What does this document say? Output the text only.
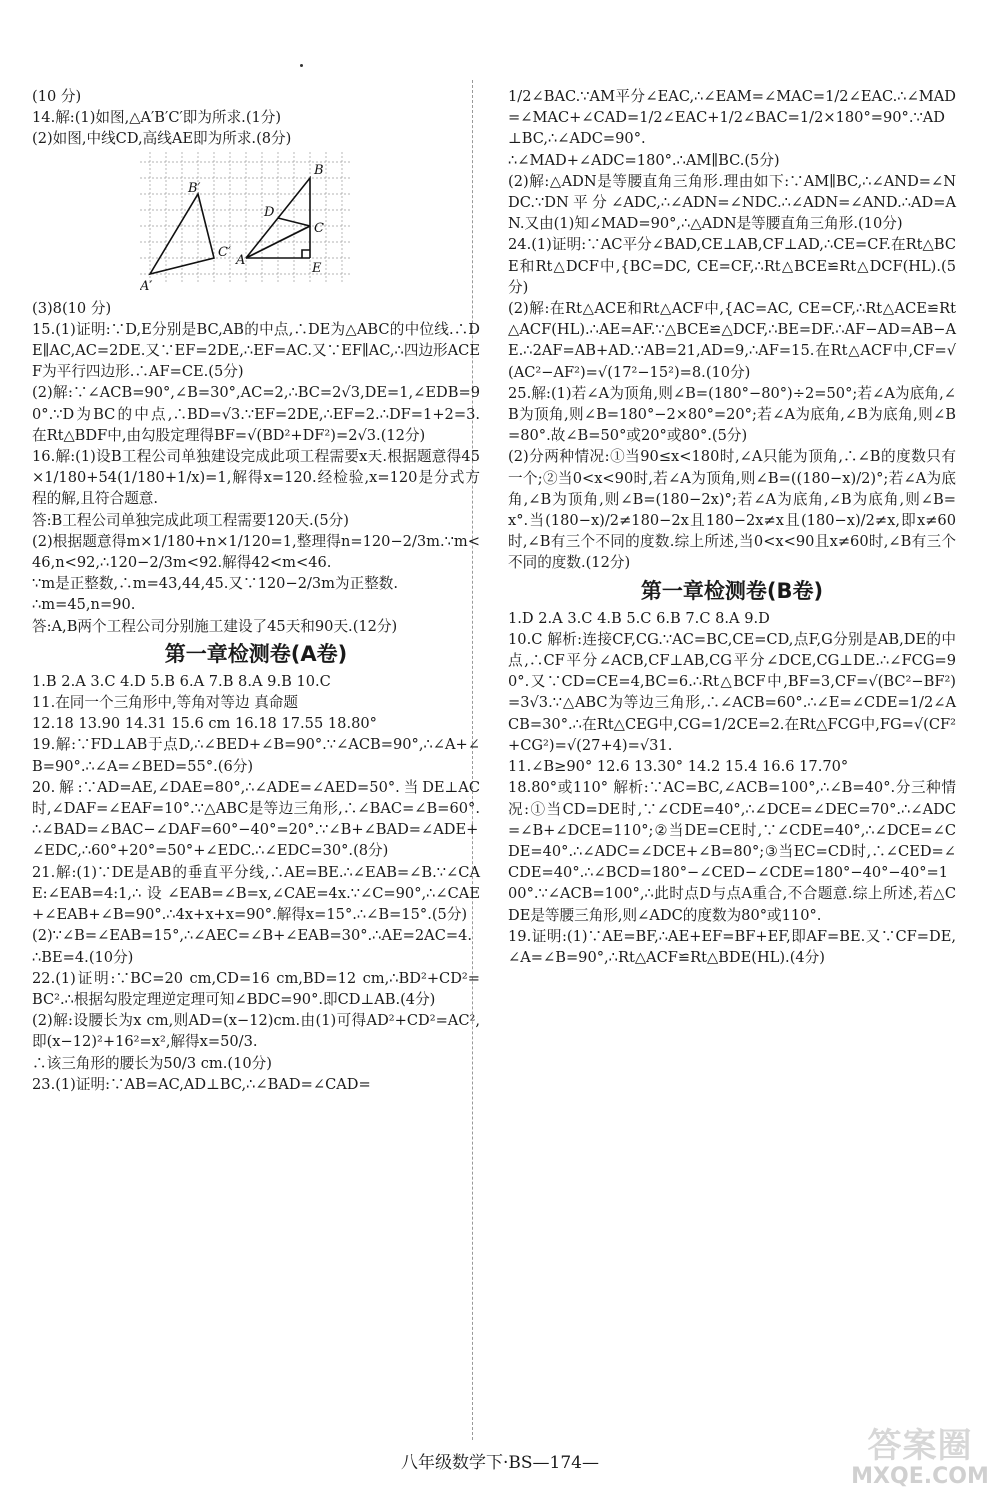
(10 分)

14.解:(1)如图,△A′B′C′即为所求.(1分)

(2)如图,中线CD,高线AE即为所求.(8分)

B′
C′
A′
B
D
C
A
E

(3)8(10 分)

15.(1)证明:∵D,E分别是BC,AB的中点,∴DE为△ABC的中位线.∴DE∥AC,AC=2DE.又∵EF=2DE,∴EF=AC.又∵EF∥AC,∴四边形ACEF为平行四边形.∴AF=CE.(5分)

(2)解:∵∠ACB=90°,∠B=30°,AC=2,∴BC=2√3,DE=1,∠EDB=90°.∵D为BC的中点,∴BD=√3.∵EF=2DE,∴EF=2.∴DF=1+2=3.在Rt△BDF中,由勾股定理得BF=√(BD²+DF²)=2√3.(12分)

16.解:(1)设B工程公司单独建设完成此项工程需要x天.根据题意得45×1/180+54(1/180+1/x)=1,解得x=120.经检验,x=120是分式方程的解,且符合题意.

答:B工程公司单独完成此项工程需要120天.(5分)

(2)根据题意得m×1/180+n×1/120=1,整理得n=120−2/3m.∵m<46,n<92,∴120−2/3m<92.解得42<m<46.

∵m是正整数,∴m=43,44,45.又∵120−2/3m为正整数.

∴m=45,n=90.

答:A,B两个工程公司分别施工建设了45天和90天.(12分)

第一章检测卷(A卷)

1.B 2.A 3.C 4.D 5.B 6.A 7.B 8.A 9.B 10.C

11.在同一个三角形中,等角对等边 真命题

12.18 13.90 14.31 15.6 cm 16.18 17.55 18.80°

19.解:∵FD⊥AB于点D,∴∠BED+∠B=90°.∵∠ACB=90°,∴∠A+∠B=90°.∴∠A=∠BED=55°.(6分)

20.解:∵AD=AE,∠DAE=80°,∴∠ADE=∠AED=50°.当DE⊥AC时,∠DAF=∠EAF=10°.∵△ABC是等边三角形,∴∠BAC=∠B=60°.∴∠BAD=∠BAC−∠DAF=60°−40°=20°.∵∠B+∠BAD=∠ADE+∠EDC,∴60°+20°=50°+∠EDC.∴∠EDC=30°.(8分)

21.解:(1)∵DE是AB的垂直平分线,∴AE=BE.∴∠EAB=∠B.∵∠CAE:∠EAB=4:1,∴设∠EAB=∠B=x,∠CAE=4x.∵∠C=90°,∴∠CAE+∠EAB+∠B=90°.∴4x+x+x=90°.解得x=15°.∴∠B=15°.(5分)

(2)∵∠B=∠EAB=15°,∴∠AEC=∠B+∠EAB=30°.∴AE=2AC=4.∴BE=4.(10分)

22.(1)证明:∵BC=20 cm,CD=16 cm,BD=12 cm,∴BD²+CD²=BC².∴根据勾股定理逆定理可知∠BDC=90°.即CD⊥AB.(4分)

(2)解:设腰长为x cm,则AD=(x−12)cm.由(1)可得AD²+CD²=AC²,即(x−12)²+16²=x²,解得x=50/3.

∴该三角形的腰长为50/3 cm.(10分)

23.(1)证明:∵AB=AC,AD⊥BC,∴∠BAD=∠CAD=

1/2∠BAC.∵AM平分∠EAC,∴∠EAM=∠MAC=1/2∠EAC.∴∠MAD=∠MAC+∠CAD=1/2∠EAC+1/2∠BAC=1/2×180°=90°.∵AD⊥BC,∴∠ADC=90°.

∴∠MAD+∠ADC=180°.∴AM∥BC.(5分)

(2)解:△ADN是等腰直角三角形.理由如下:∵AM∥BC,∴∠AND=∠NDC.∵DN平分∠ADC,∴∠ADN=∠NDC.∴∠ADN=∠AND.∴AD=AN.又由(1)知∠MAD=90°,∴△ADN是等腰直角三角形.(10分)

24.(1)证明:∵AC平分∠BAD,CE⊥AB,CF⊥AD,∴CE=CF.在Rt△BCE和Rt△DCF中,{BC=DC, CE=CF,∴Rt△BCE≌Rt△DCF(HL).(5分)

(2)解:在Rt△ACE和Rt△ACF中,{AC=AC, CE=CF,∴Rt△ACE≌Rt△ACF(HL).∴AE=AF.∵△BCE≌△DCF,∴BE=DF.∴AF−AD=AB−AE.∴2AF=AB+AD.∵AB=21,AD=9,∴AF=15.在Rt△ACF中,CF=√(AC²−AF²)=√(17²−15²)=8.(10分)

25.解:(1)若∠A为顶角,则∠B=(180°−80°)÷2=50°;若∠A为底角,∠B为顶角,则∠B=180°−2×80°=20°;若∠A为底角,∠B为底角,则∠B=80°.故∠B=50°或20°或80°.(5分)

(2)分两种情况:①当90≤x<180时,∠A只能为顶角,∴∠B的度数只有一个;②当0<x<90时,若∠A为顶角,则∠B=((180−x)/2)°;若∠A为底角,∠B为顶角,则∠B=(180−2x)°;若∠A为底角,∠B为底角,则∠B=x°.当(180−x)/2≠180−2x且180−2x≠x且(180−x)/2≠x,即x≠60时,∠B有三个不同的度数.综上所述,当0<x<90且x≠60时,∠B有三个不同的度数.(12分)

第一章检测卷(B卷)

1.D 2.A 3.C 4.B 5.C 6.B 7.C 8.A 9.D

10.C 解析:连接CF,CG.∵AC=BC,CE=CD,点F,G分别是AB,DE的中点,∴CF平分∠ACB,CF⊥AB,CG平分∠DCE,CG⊥DE.∴∠FCG=90°.又∵CD=CE=4,BC=6.∴Rt△BCF中,BF=3,CF=√(BC²−BF²)=3√3.∵△ABC为等边三角形,∴∠ACB=60°.∴∠E=∠CDE=1/2∠ACB=30°.∴在Rt△CEG中,CG=1/2CE=2.在Rt△FCG中,FG=√(CF²+CG²)=√(27+4)=√31.

11.∠B≥90° 12.6 13.30° 14.2 15.4 16.6 17.70°

18.80°或110° 解析:∵AC=BC,∠ACB=100°,∴∠B=40°.分三种情况:①当CD=DE时,∵∠CDE=40°,∴∠DCE=∠DEC=70°.∴∠ADC=∠B+∠DCE=110°;②当DE=CE时,∵∠CDE=40°,∴∠DCE=∠CDE=40°.∴∠ADC=∠DCE+∠B=80°;③当EC=CD时,∴∠CED=∠CDE=40°.∴∠BCD=180°−∠CED−∠CDE=180°−40°−40°=100°.∵∠ACB=100°,∴此时点D与点A重合,不合题意.综上所述,若△CDE是等腰三角形,则∠ADC的度数为80°或110°.

19.证明:(1)∵AE=BF,∴AE+EF=BF+EF,即AF=BE.又∵CF=DE,∠A=∠B=90°,∴Rt△ACF≌Rt△BDE(HL).(4分)

八年级数学下·BS—174—	答案圈
MXQE.COM
